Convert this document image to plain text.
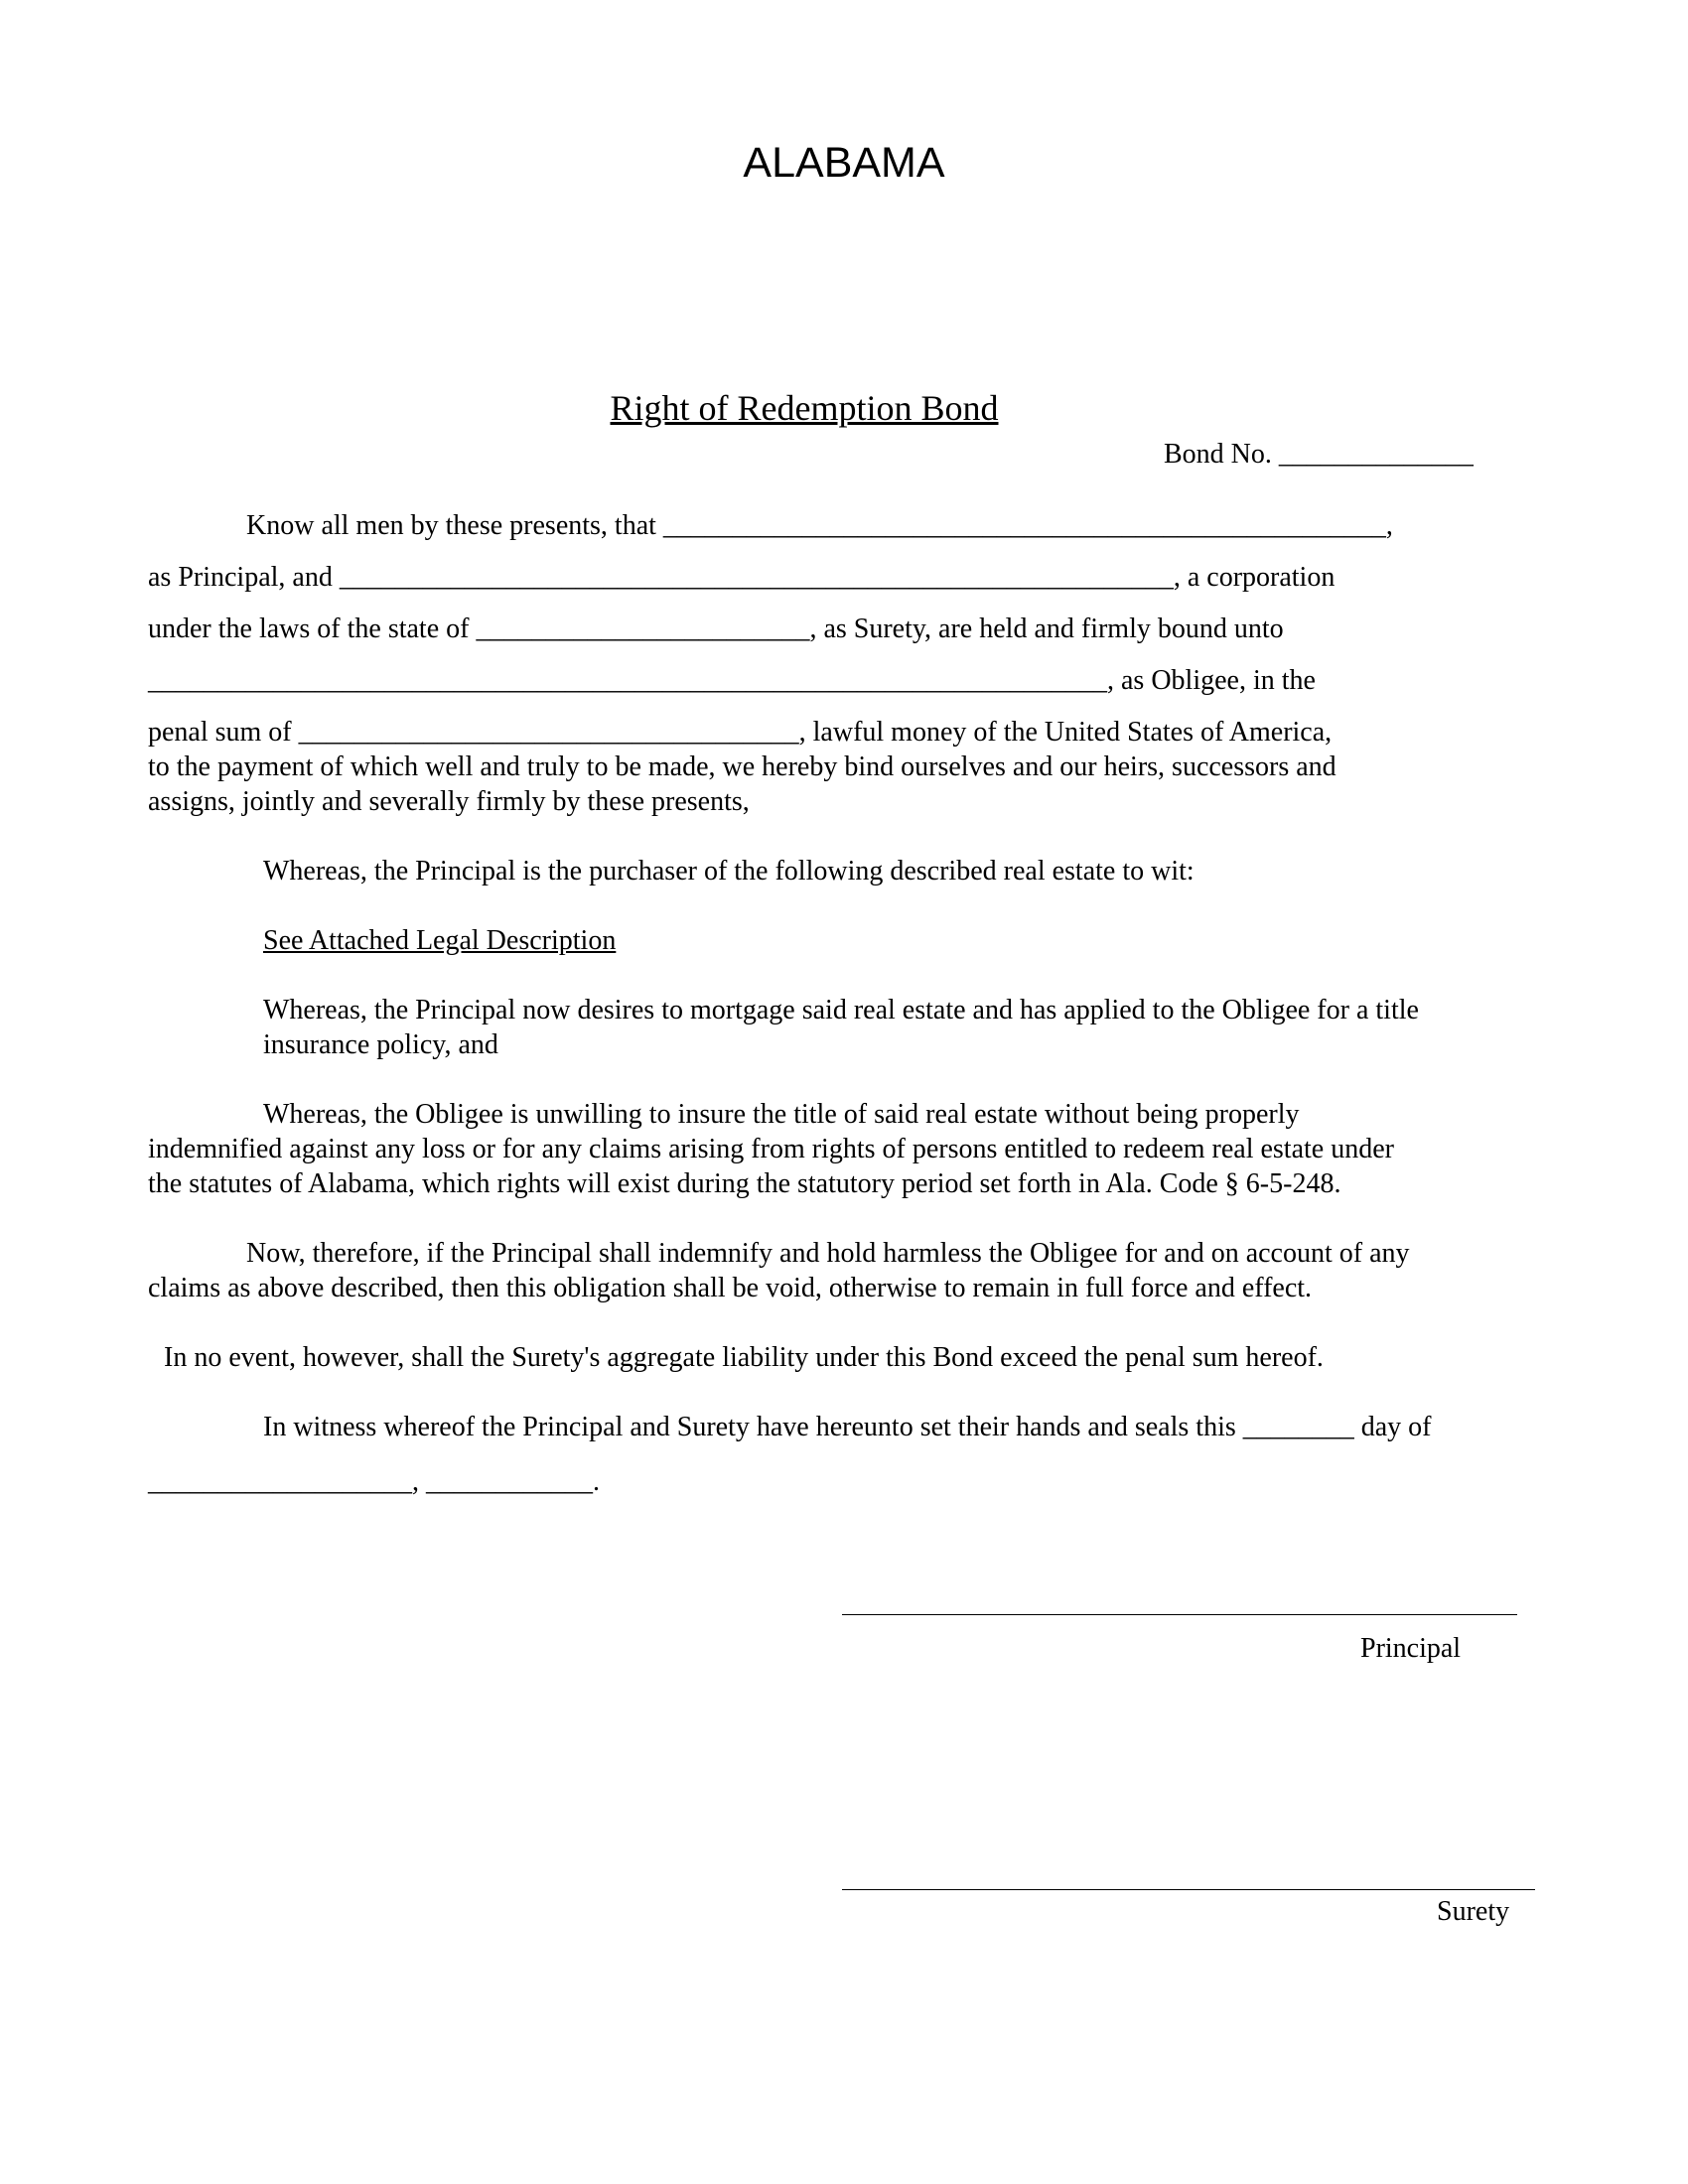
ALABAMA
Right of Redemption Bond
Bond No. ______________
Know all men by these presents, that ____________________________________________________,
as Principal, and ____________________________________________________________, a corporation
under the laws of the state of ________________________, as Surety, are held and firmly bound unto
_____________________________________________________________________, as Obligee, in the
penal sum of ____________________________________, lawful money of the United States of America,
to the payment of which well and truly to be made, we hereby bind ourselves and our heirs, successors and
assigns, jointly and severally firmly by these presents,
Whereas, the Principal is the purchaser of the following described real estate to wit:
See Attached Legal Description
Whereas, the Principal now desires to mortgage said real estate and has applied to the Obligee for a title
insurance policy, and
Whereas, the Obligee is unwilling to insure the title of said real estate without being properly
indemnified against any loss or for any claims arising from rights of persons entitled to redeem real estate under
the statutes of Alabama, which rights will exist during the statutory period set forth in Ala. Code § 6-5-248.
Now, therefore, if the Principal shall indemnify and hold harmless the Obligee for and on account of any
claims as above described, then this obligation shall be void, otherwise to remain in full force and effect.
In no event, however, shall the Surety's aggregate liability under this Bond exceed the penal sum hereof.
In witness whereof the Principal and Surety have hereunto set their hands and seals this ________ day of
___________________, ____________.
Principal
Surety
